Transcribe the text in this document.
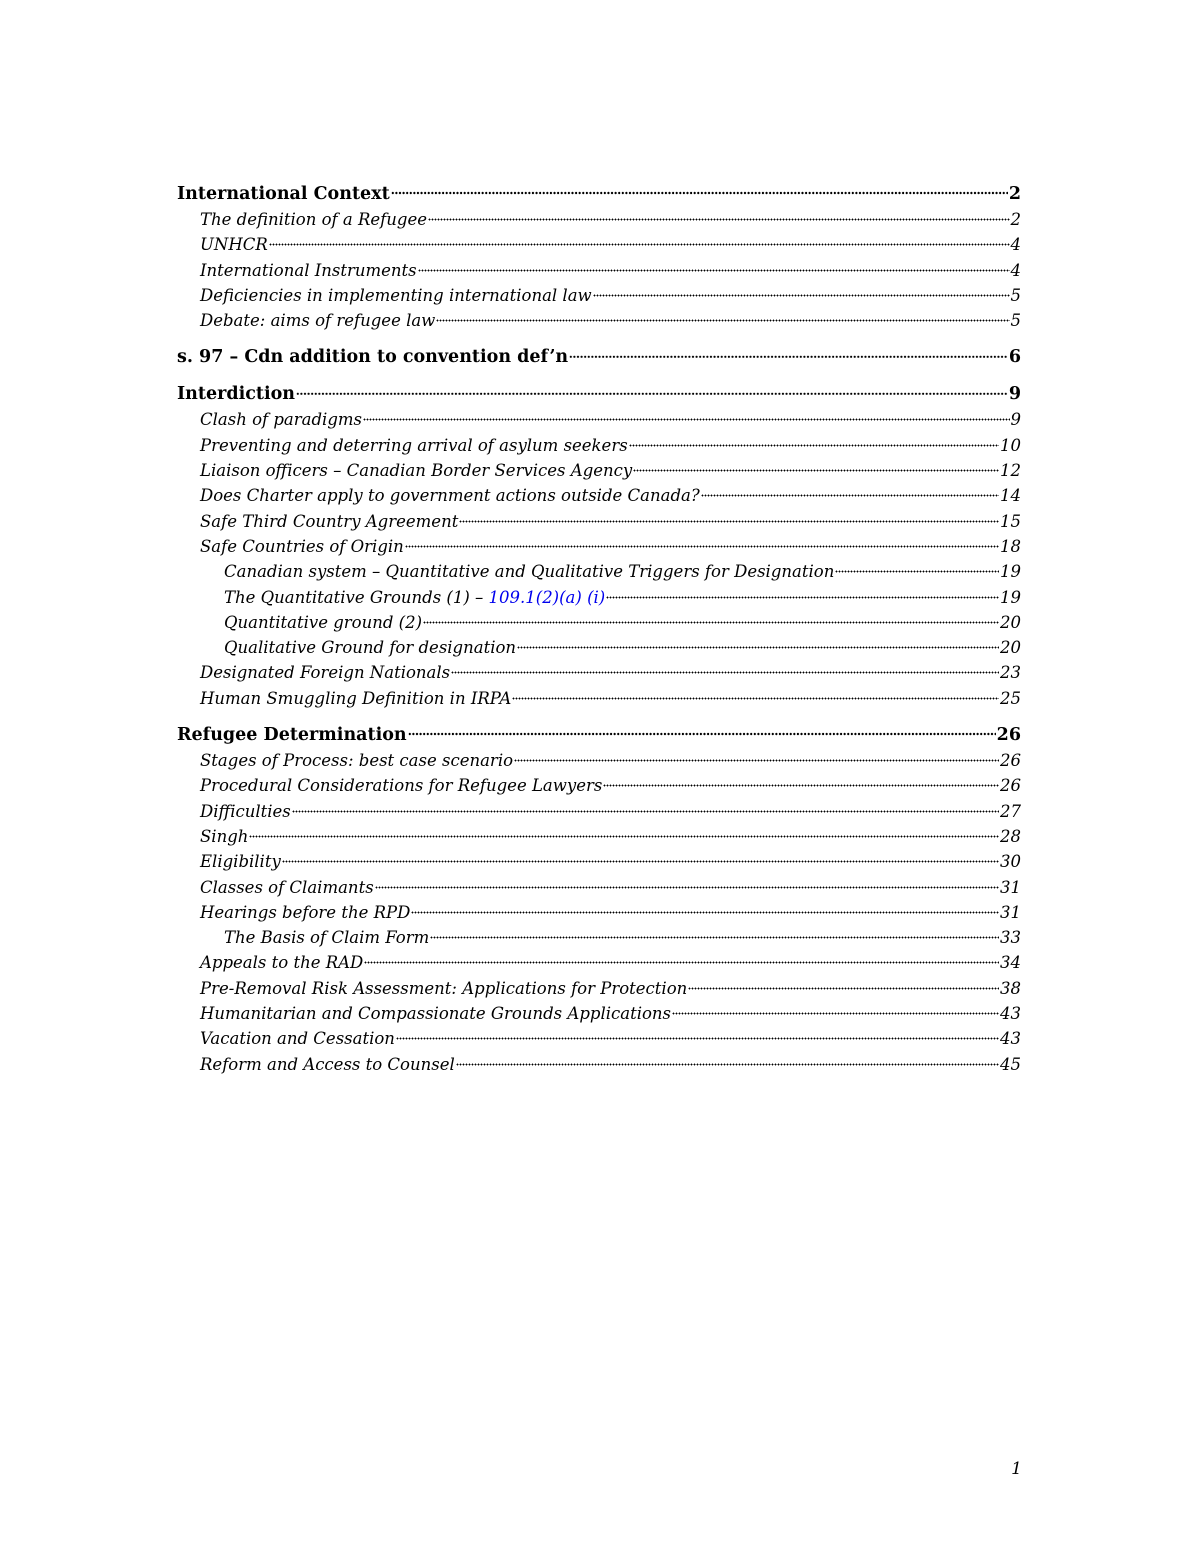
International Context	2
The definition of a Refugee	2
UNHCR	4
International Instruments	4
Deficiencies in implementing international law	5
Debate: aims of refugee law	5
s. 97 – Cdn addition to convention def’n	6
Interdiction	9
Clash of paradigms	9
Preventing and deterring arrival of asylum seekers	10
Liaison officers – Canadian Border Services Agency	12
Does Charter apply to government actions outside Canada?	14
Safe Third Country Agreement	15
Safe Countries of Origin	18
Canadian system – Quantitative and Qualitative Triggers for Designation	19
The Quantitative Grounds (1) – 109.1(2)(a) (i)	19
Quantitative ground (2)	20
Qualitative Ground for designation	20
Designated Foreign Nationals	23
Human Smuggling Definition in IRPA	25
Refugee Determination	26
Stages of Process: best case scenario	26
Procedural Considerations for Refugee Lawyers	26
Difficulties	27
Singh	28
Eligibility	30
Classes of Claimants	31
Hearings before the RPD	31
The Basis of Claim Form	33
Appeals to the RAD	34
Pre-Removal Risk Assessment: Applications for Protection	38
Humanitarian and Compassionate Grounds Applications	43
Vacation and Cessation	43
Reform and Access to Counsel	45
1
